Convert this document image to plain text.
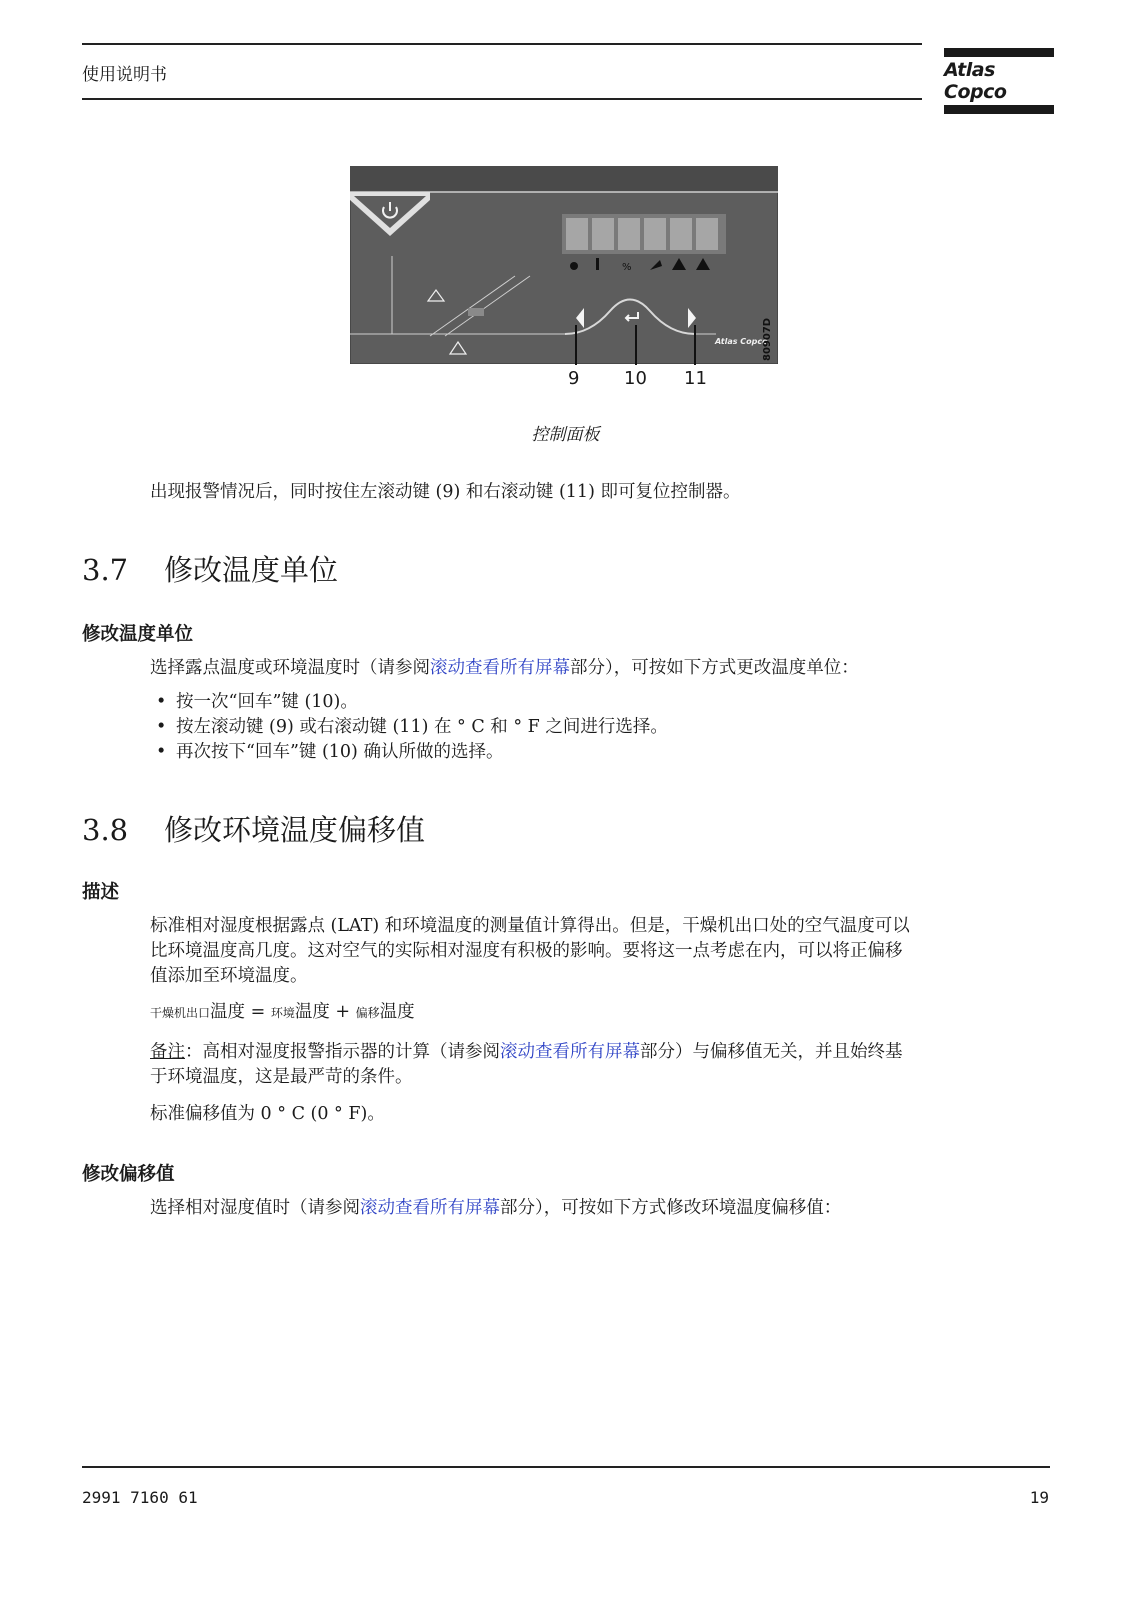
使用说明书	Atlas Copco
%
Atlas Copco
80907D
9 10 11
控制面板
出现报警情况后，同时按住左滚动键 (9) 和右滚动键 (11) 即可复位控制器。
3.7 修改温度单位
修改温度单位
选择露点温度或环境温度时（请参阅滚动查看所有屏幕部分），可按如下方式更改温度单位：
• 按一次“回车”键 (10)。
• 按左滚动键 (9) 或右滚动键 (11) 在 ° C 和 ° F 之间进行选择。
• 再次按下“回车”键 (10) 确认所做的选择。
3.8 修改环境温度偏移值
描述
标准相对湿度根据露点 (LAT) 和环境温度的测量值计算得出。但是，干燥机出口处的空气温度可以
比环境温度高几度。这对空气的实际相对湿度有积极的影响。要将这一点考虑在内，可以将正偏移
值添加至环境温度。
干燥机出口温度 = 环境温度 + 偏移温度
备注：高相对湿度报警指示器的计算（请参阅滚动查看所有屏幕部分）与偏移值无关，并且始终基
于环境温度，这是最严苛的条件。
标准偏移值为 0 ° C (0 ° F)。
修改偏移值
选择相对湿度值时（请参阅滚动查看所有屏幕部分），可按如下方式修改环境温度偏移值：
2991 7160 61	19
